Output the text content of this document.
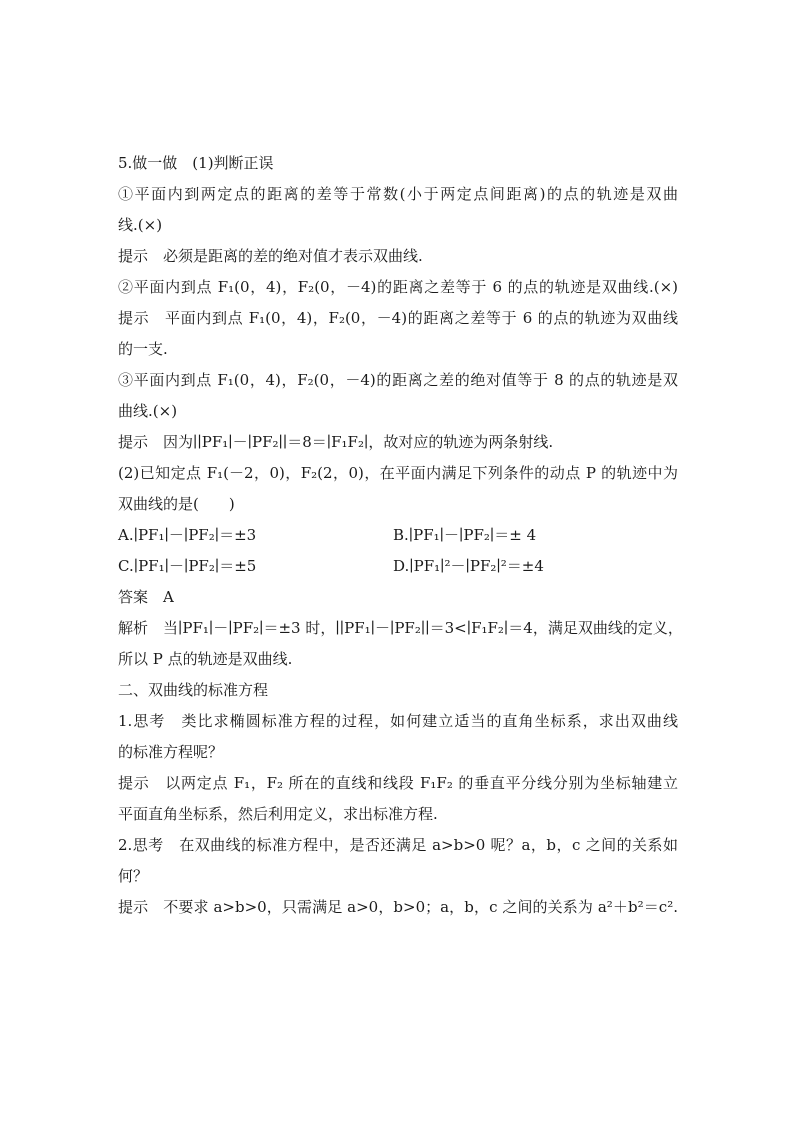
5.做一做　(1)判断正误
①平面内到两定点的距离的差等于常数(小于两定点间距离)的点的轨迹是双曲
线.(×)
提示　必须是距离的差的绝对值才表示双曲线.
②平面内到点 F₁(0，4)，F₂(0，－4)的距离之差等于 6 的点的轨迹是双曲线.(×)
提示　平面内到点 F₁(0，4)，F₂(0，－4)的距离之差等于 6 的点的轨迹为双曲线
的一支.
③平面内到点 F₁(0，4)，F₂(0，－4)的距离之差的绝对值等于 8 的点的轨迹是双
曲线.(×)
提示　因为∣∣PF₁∣－∣PF₂∣∣＝8＝∣F₁F₂∣，故对应的轨迹为两条射线.
(2)已知定点 F₁(－2，0)，F₂(2，0)，在平面内满足下列条件的动点 P 的轨迹中为
双曲线的是(　　)
A.∣PF₁∣－∣PF₂∣＝±3	B.∣PF₁∣－∣PF₂∣＝± 4
C.∣PF₁∣－∣PF₂∣＝±5	D.∣PF₁∣²－∣PF₂∣²＝±4
答案　A
解析　当∣PF₁∣－∣PF₂∣＝±3 时，∣∣PF₁∣－∣PF₂∣∣＝3<∣F₁F₂∣＝4，满足双曲线的定义，
所以 P 点的轨迹是双曲线.
二、双曲线的标准方程
1.思考　类比求椭圆标准方程的过程，如何建立适当的直角坐标系，求出双曲线
的标准方程呢？
提示　以两定点 F₁，F₂ 所在的直线和线段 F₁F₂ 的垂直平分线分别为坐标轴建立
平面直角坐标系，然后利用定义，求出标准方程.
2.思考　在双曲线的标准方程中，是否还满足 a>b>0 呢？a，b，c 之间的关系如
何？
提示　不要求 a>b>0，只需满足 a>0，b>0；a，b，c 之间的关系为 a²＋b²＝c².
